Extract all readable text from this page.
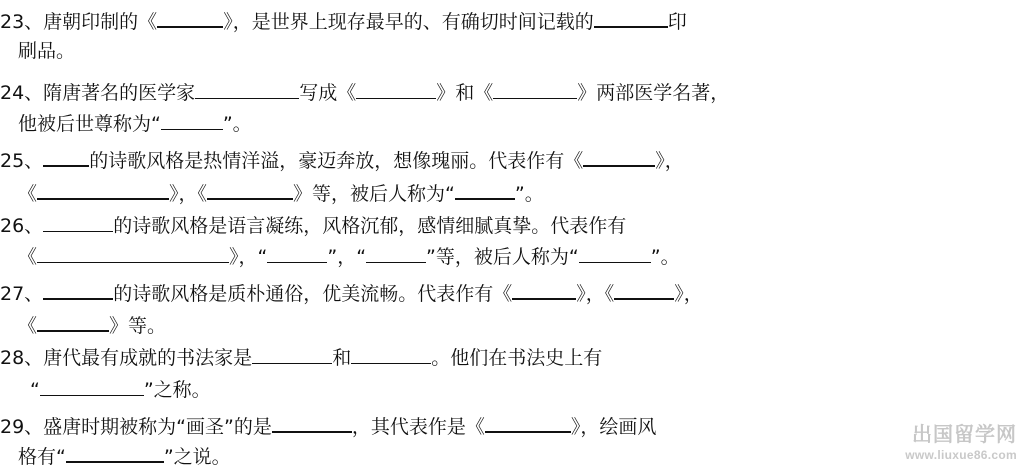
23、唐朝印制的《	》，是世界上现存最早的、有确切时间记载的	印
刷品。
24、隋唐著名的医学家	写成《	》和《	》两部医学名著，
他被后世尊称为“	”。
25、 的诗歌风格是热情洋溢，豪迈奔放，想像瑰丽。代表作有《	》，
《	》，《	》等，被后人称为“	”。
26、	的诗歌风格是语言凝练，风格沉郁，感情细腻真挚。代表作有
《	》，“	”，“	”等，被后人称为“	”。
27、	的诗歌风格是质朴通俗，优美流畅。代表作有《	》，《	》，
《	》等。
28、唐代最有成就的书法家是	和	。他们在书法史上有
“	”之称。
29、盛唐时期被称为“画圣”的是	，其代表作是《	》，绘画风
格有“	”之说。
出国留学网
www.liuxue86.com
